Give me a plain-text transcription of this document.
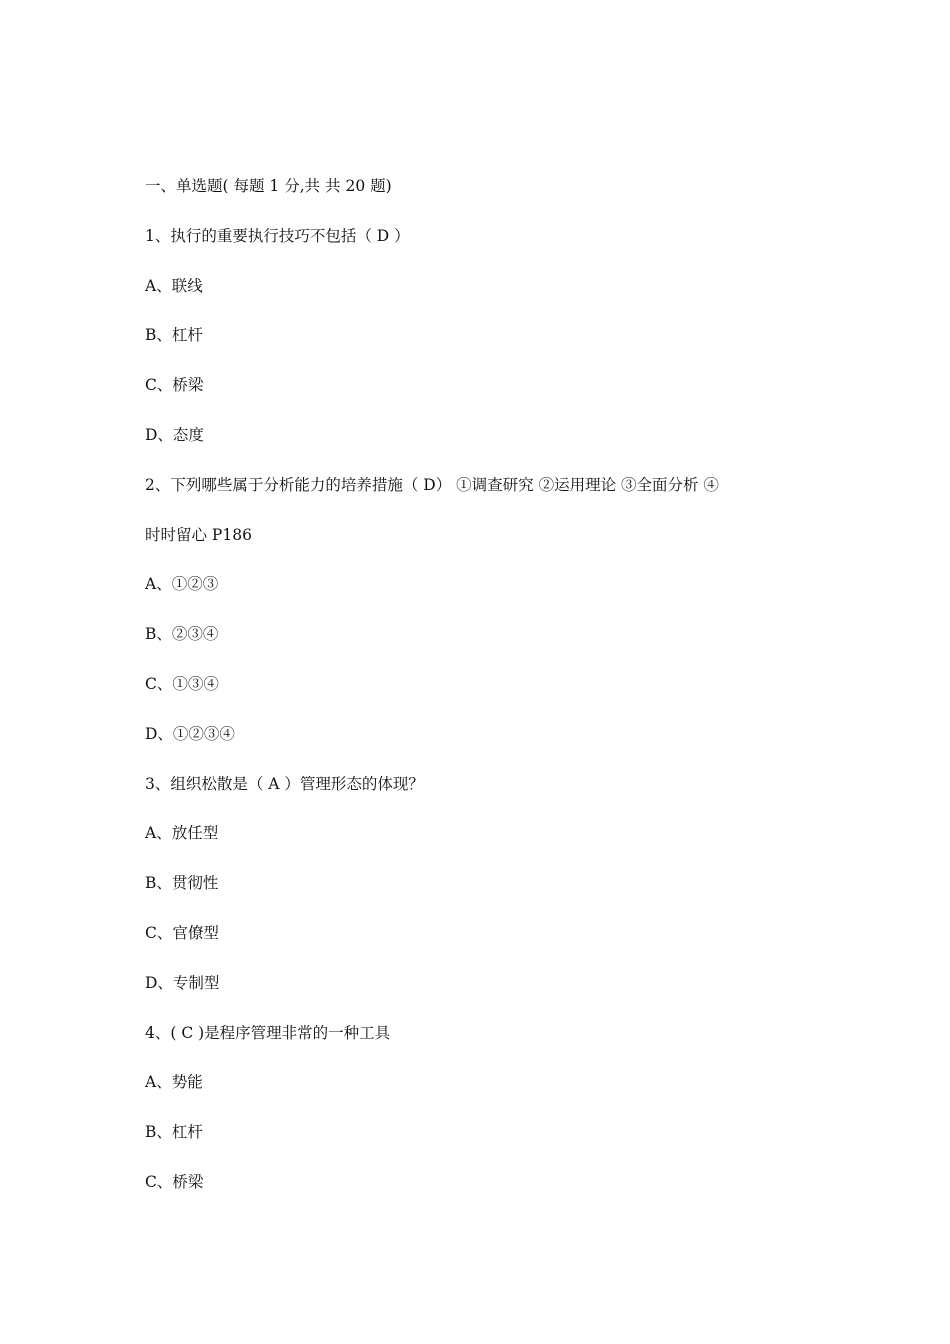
一、单选题( 每题 1 分,共 共 20 题)
1、执行的重要执行技巧不包括（ D ）
A、联线
B、杠杆
C、桥梁
D、态度
2、下列哪些属于分析能力的培养措施（ D） ①调查研究 ②运用理论 ③全面分析 ④
时时留心 P186
A、①②③
B、②③④
C、①③④
D、①②③④
3、组织松散是（ A ）管理形态的体现？
A、放任型
B、贯彻性
C、官僚型
D、专制型
4、( C )是程序管理非常的一种工具
A、势能
B、杠杆
C、桥梁
